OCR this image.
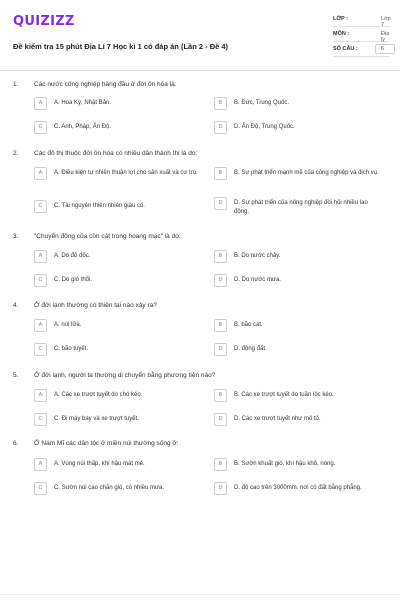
QUIZIZZ
Đề kiểm tra 15 phút Địa Lí 7 Học kì 1 có đáp án (Lần 2 - Đề 4)
LỚP :	Lớp 7
MÔN :	Địa lý
SỐ CÂU :	6
1. Các nước công nghiệp hàng đầu ở đới ôn hòa là:
A	A. Hoa Kỳ, Nhật Bản.	B	B. Đức, Trung Quốc.
C	C. Anh, Pháp, Ấn Độ.	D	D. Ấn Độ, Trung Quốc.
2. Các đô thị thuộc đới ôn hòa có nhiều dân thành thị là do:
A	A. Điều kiện tự nhiên thuận lợi cho sản xuất và cư trú.	B	B. Sự phát triển mạnh mẽ của công nghiệp và dịch vụ.
C	C. Tài nguyên thiên nhiên giàu có.	D	D. Sự phát triển của nông nghiệp đòi hỏi nhiều lao động.
3. "Chuyển động của cồn cát trong hoang mạc" là do:
A	A. Do độ dốc.	B	B. Do nước chảy.
C	C. Do gió thổi.	D	D. Do nước mưa.
4. Ở đới lạnh thường có thiên tai nào xảy ra?
A	A. núi lửa.	B	B. bão cát.
C	C. bão tuyết.	D	D. động đất.
5. Ở đới lạnh, người ta thường di chuyển bằng phương tiện nào?
A	A. Các xe trượt tuyết do chó kéo.	B	B. Các xe trượt tuyết do tuần lộc kéo.
C	C. Đi máy bay và xe trượt tuyết.	D	D. Các xe trượt tuyết như mô tô.
6. Ở Nam Mĩ các dân tộc ở miền núi thường sống ở:
A	A. Vùng núi thấp, khí hậu mát mẻ.	B	B. Sườn khuất gió, khí hậu khô, nóng.
C	C. Sườn núi cao chắn gió, có nhiều mưa.	D	D. độ cao trên 3000mm, nơi có đất bằng phẳng.
